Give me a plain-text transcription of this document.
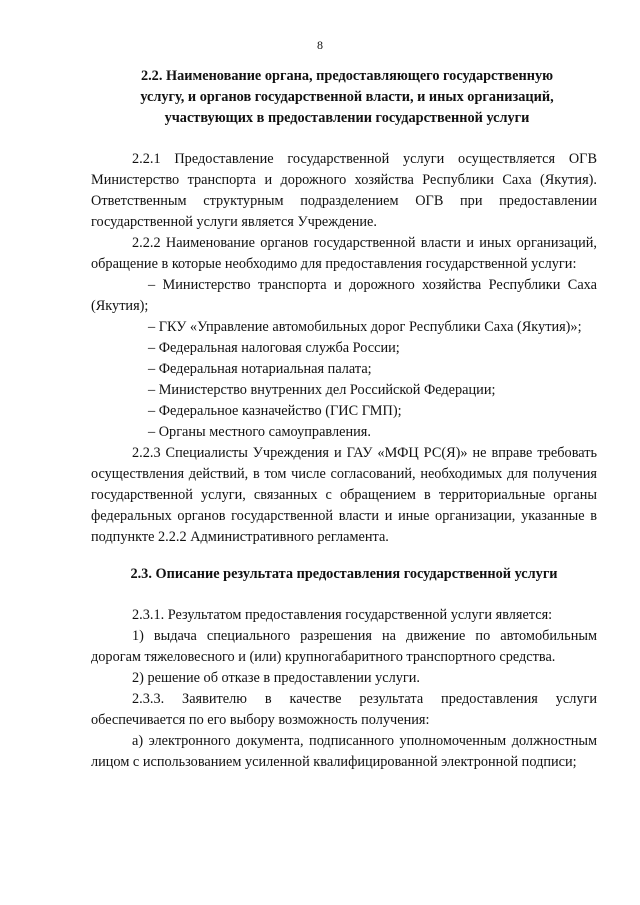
8
2.2. Наименование органа, предоставляющего государственную
услугу, и органов государственной власти, и иных организаций,
участвующих в предоставлении государственной услуги

2.2.1 Предоставление государственной услуги осуществляется ОГВ Министерство транспорта и дорожного хозяйства Республики Саха (Якутия). Ответственным структурным подразделением ОГВ при предоставлении государственной услуги является Учреждение.

2.2.2 Наименование органов государственной власти и иных организаций, обращение в которые необходимо для предоставления государственной услуги:

– Министерство транспорта и дорожного хозяйства Республики Саха (Якутия);

– ГКУ «Управление автомобильных дорог Республики Саха (Якутия)»;

– Федеральная налоговая служба России;

– Федеральная нотариальная палата;

– Министерство внутренних дел Российской Федерации;

– Федеральное казначейство (ГИС ГМП);

– Органы местного самоуправления.

2.2.3 Специалисты Учреждения и ГАУ «МФЦ РС(Я)» не вправе требовать осуществления действий, в том числе согласований, необходимых для получения государственной услуги, связанных с обращением в территориальные органы федеральных органов государственной власти и иные организации, указанные в подпункте 2.2.2 Административного регламента.

2.3. Описание результата предоставления государственной услуги

2.3.1. Результатом предоставления государственной услуги является:

1) выдача специального разрешения на движение по автомобильным дорогам тяжеловесного и (или) крупногабаритного транспортного средства.

2) решение об отказе в предоставлении услуги.

2.3.3. Заявителю в качестве результата предоставления услуги обеспечивается по его выбору возможность получения:

а) электронного документа, подписанного уполномоченным должностным лицом с использованием усиленной квалифицированной электронной подписи;
